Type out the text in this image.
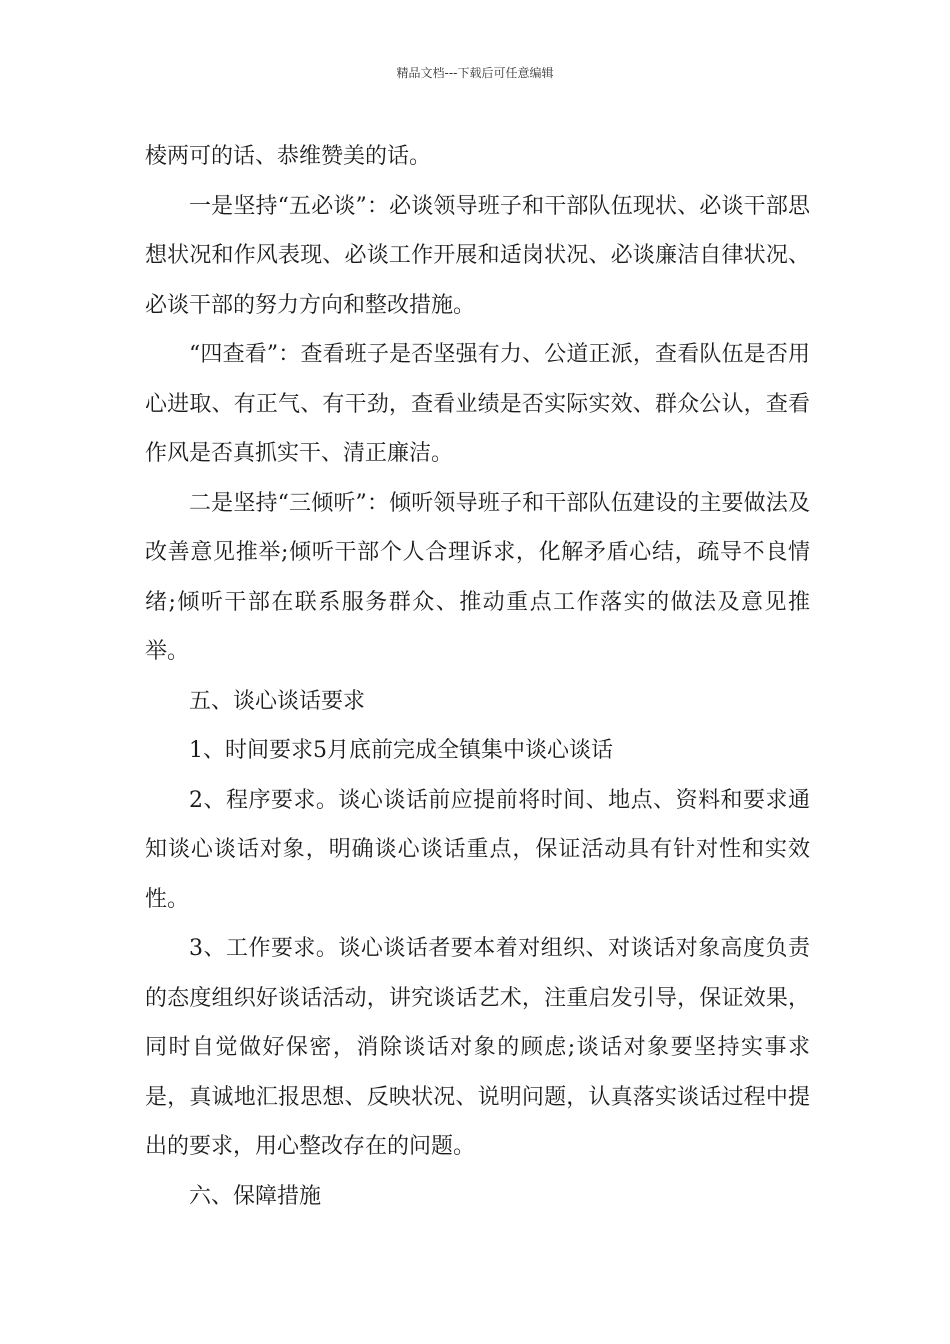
精品文档---下载后可任意编辑

棱两可的话、恭维赞美的话。

一是坚持“五必谈”：必谈领导班子和干部队伍现状、必谈干部思想状况和作风表现、必谈工作开展和适岗状况、必谈廉洁自律状况、必谈干部的努力方向和整改措施。

“四查看”：查看班子是否坚强有力、公道正派，查看队伍是否用心进取、有正气、有干劲，查看业绩是否实际实效、群众公认，查看作风是否真抓实干、清正廉洁。

二是坚持“三倾听”：倾听领导班子和干部队伍建设的主要做法及改善意见推举;倾听干部个人合理诉求，化解矛盾心结，疏导不良情绪;倾听干部在联系服务群众、推动重点工作落实的做法及意见推举。

五、谈心谈话要求

1、时间要求5月底前完成全镇集中谈心谈话

2、程序要求。谈心谈话前应提前将时间、地点、资料和要求通知谈心谈话对象，明确谈心谈话重点，保证活动具有针对性和实效性。

3、工作要求。谈心谈话者要本着对组织、对谈话对象高度负责的态度组织好谈话活动，讲究谈话艺术，注重启发引导，保证效果，同时自觉做好保密，消除谈话对象的顾虑;谈话对象要坚持实事求是，真诚地汇报思想、反映状况、说明问题，认真落实谈话过程中提出的要求，用心整改存在的问题。

六、保障措施
